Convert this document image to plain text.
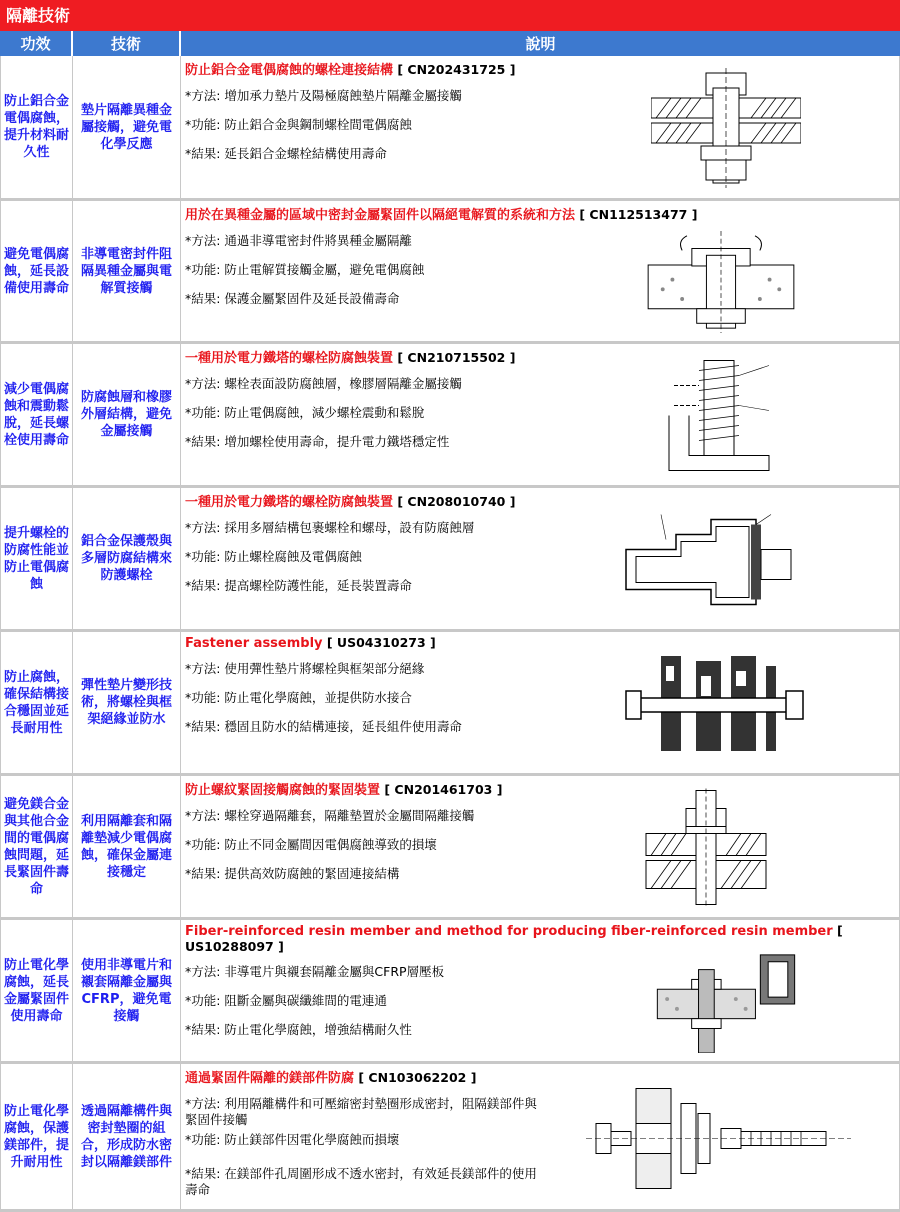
隔離技術
功效	技術	說明
防止鋁合金電偶腐蝕，提升材料耐久性	墊片隔離異種金屬接觸，避免電化學反應	防止鋁合金電偶腐蝕的螺栓連接結構 [ CN202431725 ]
*方法: 增加承力墊片及陽極腐蝕墊片隔離金屬接觸
*功能: 防止鋁合金與鋼制螺栓間電偶腐蝕
*結果: 延長鋁合金螺栓結構使用壽命

避免電偶腐蝕，延長設備使用壽命	非導電密封件阻隔異種金屬與電解質接觸	用於在異種金屬的區域中密封金屬緊固件以隔絕電解質的系統和方法 [ CN112513477 ]
*方法: 通過非導電密封件將異種金屬隔離
*功能: 防止電解質接觸金屬，避免電偶腐蝕
*結果: 保護金屬緊固件及延長設備壽命

減少電偶腐蝕和震動鬆脫，延長螺栓使用壽命	防腐蝕層和橡膠外層結構，避免金屬接觸	一種用於電力鐵塔的螺栓防腐蝕裝置 [ CN210715502 ]
*方法: 螺栓表面設防腐蝕層，橡膠層隔離金屬接觸
*功能: 防止電偶腐蝕，減少螺栓震動和鬆脫
*結果: 增加螺栓使用壽命，提升電力鐵塔穩定性

提升螺栓的防腐性能並防止電偶腐蝕	鋁合金保護殼與多層防腐結構來防護螺栓	一種用於電力鐵塔的螺栓防腐蝕裝置 [ CN208010740 ]
*方法: 採用多層結構包裹螺栓和螺母，設有防腐蝕層
*功能: 防止螺栓腐蝕及電偶腐蝕
*結果: 提高螺栓防護性能，延長裝置壽命

防止腐蝕，確保結構接合穩固並延長耐用性	彈性墊片變形技術，將螺栓與框架絕緣並防水	Fastener assembly [ US04310273 ]
*方法: 使用彈性墊片將螺栓與框架部分絕緣
*功能: 防止電化學腐蝕，並提供防水接合
*結果: 穩固且防水的結構連接，延長組件使用壽命

避免鎂合金與其他合金間的電偶腐蝕問題，延長緊固件壽命	利用隔離套和隔離墊減少電偶腐蝕，確保金屬連接穩定	防止螺紋緊固接觸腐蝕的緊固裝置 [ CN201461703 ]
*方法: 螺栓穿過隔離套，隔離墊置於金屬間隔離接觸
*功能: 防止不同金屬間因電偶腐蝕導致的損壞
*結果: 提供高效防腐蝕的緊固連接結構

防止電化學腐蝕，延長金屬緊固件使用壽命	使用非導電片和襯套隔離金屬與CFRP，避免電接觸	Fiber-reinforced resin member and method for producing fiber-reinforced resin member [ US10288097 ]
*方法: 非導電片與襯套隔離金屬與CFRP層壓板
*功能: 阻斷金屬與碳纖維間的電連通
*結果: 防止電化學腐蝕，增強結構耐久性

防止電化學腐蝕，保護鎂部件，提升耐用性	透過隔離構件與密封墊圈的組合，形成防水密封以隔離鎂部件	通過緊固件隔離的鎂部件防腐 [ CN103062202 ]
*方法: 利用隔離構件和可壓縮密封墊圈形成密封，阻隔鎂部件與緊固件接觸
*功能: 防止鎂部件因電化學腐蝕而損壞
*結果: 在鎂部件孔周圍形成不透水密封，有效延長鎂部件的使用壽命
